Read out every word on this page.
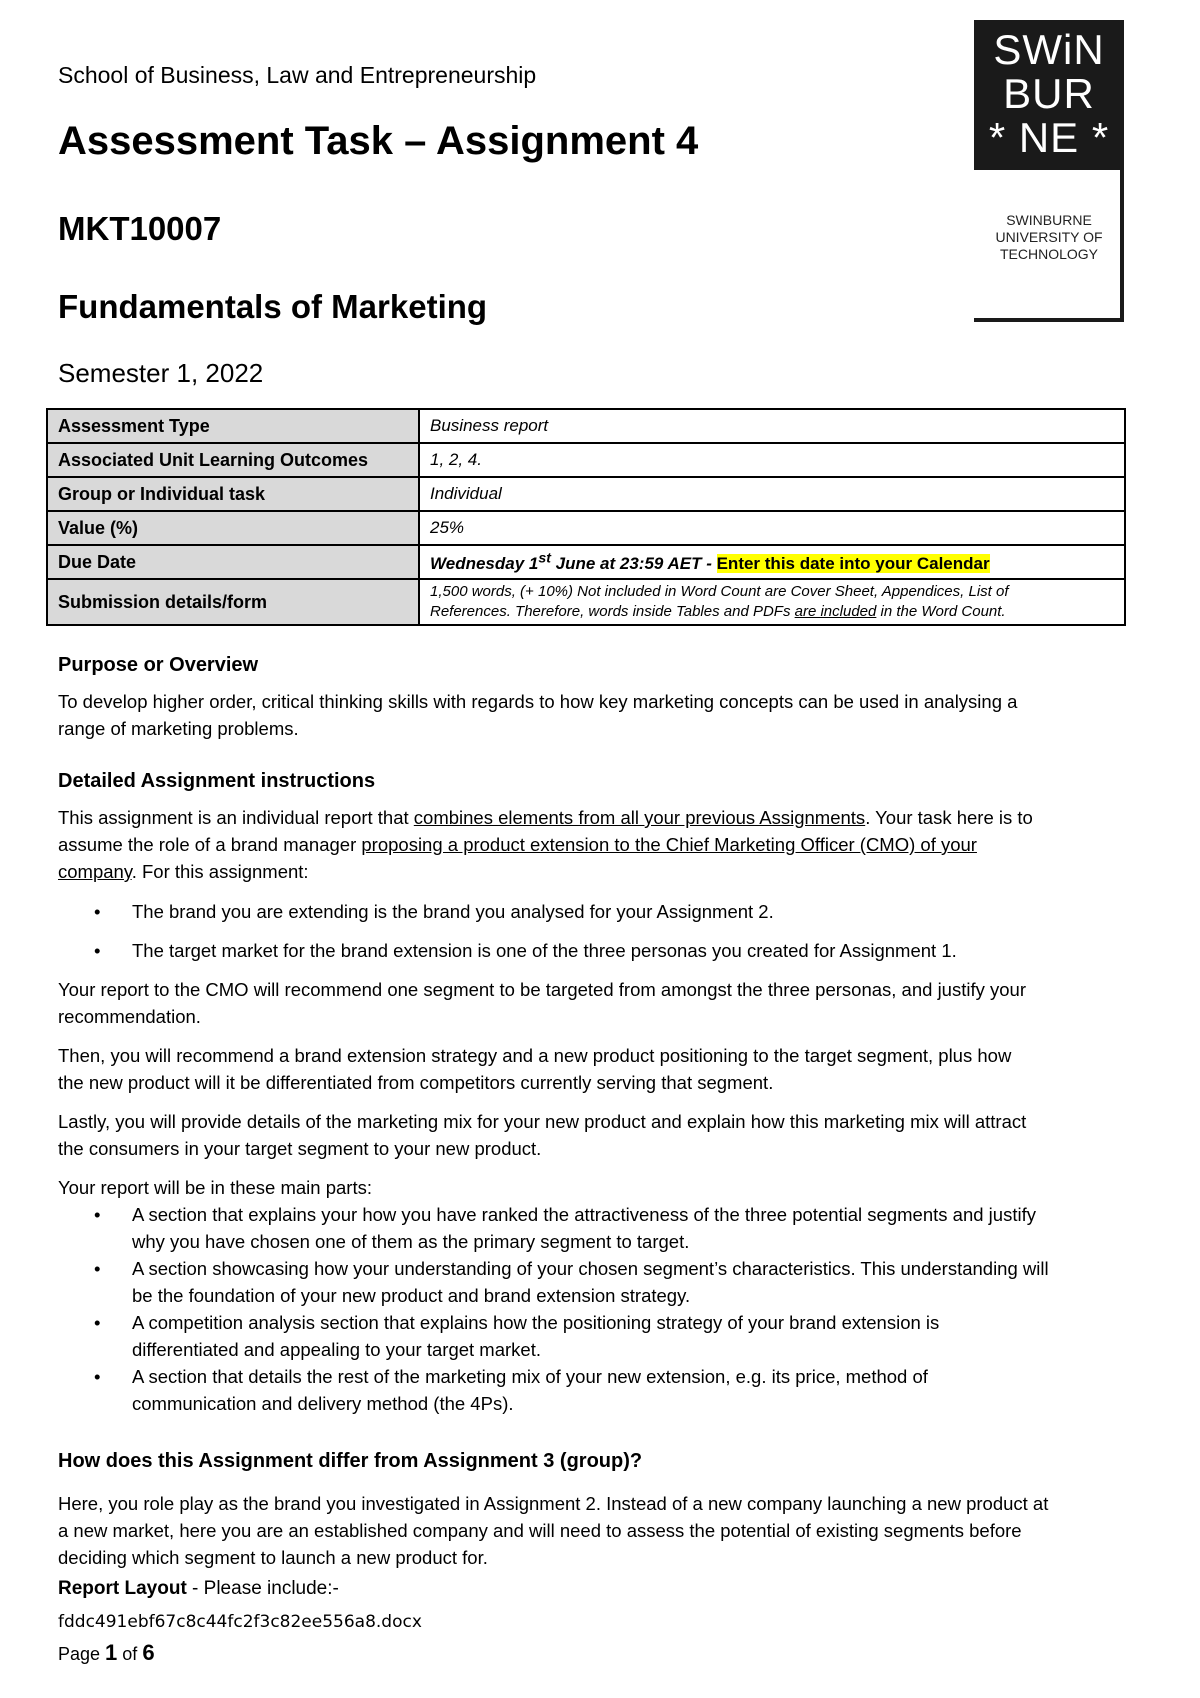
School of Business, Law and Entrepreneurship
Assessment Task – Assignment 4
MKT10007
Fundamentals of Marketing
Semester 1, 2022
SWiN
BUR
* NE *
SWINBURNE
UNIVERSITY OF
TECHNOLOGY
Assessment Type	Business report
Associated Unit Learning Outcomes	1, 2, 4.
Group or Individual task	Individual
Value (%)	25%
Due Date	Wednesday 1st June at 23:59 AET - Enter this date into your Calendar
Submission details/form	1,500 words, (+ 10%) Not included in Word Count are Cover Sheet, Appendices, List of
References. Therefore, words inside Tables and PDFs are included in the Word Count.
Purpose or Overview
To develop higher order, critical thinking skills with regards to how key marketing concepts can be used in analysing a
range of marketing problems.
Detailed Assignment instructions
This assignment is an individual report that combines elements from all your previous Assignments. Your task here is to
assume the role of a brand manager proposing a product extension to the Chief Marketing Officer (CMO) of your
company. For this assignment:
• The brand you are extending is the brand you analysed for your Assignment 2.
• The target market for the brand extension is one of the three personas you created for Assignment 1.
Your report to the CMO will recommend one segment to be targeted from amongst the three personas, and justify your
recommendation.
Then, you will recommend a brand extension strategy and a new product positioning to the target segment, plus how
the new product will it be differentiated from competitors currently serving that segment.
Lastly, you will provide details of the marketing mix for your new product and explain how this marketing mix will attract
the consumers in your target segment to your new product.
Your report will be in these main parts:
• A section that explains your how you have ranked the attractiveness of the three potential segments and justify
why you have chosen one of them as the primary segment to target.
• A section showcasing how your understanding of your chosen segment’s characteristics. This understanding will
be the foundation of your new product and brand extension strategy.
• A competition analysis section that explains how the positioning strategy of your brand extension is
differentiated and appealing to your target market.
• A section that details the rest of the marketing mix of your new extension, e.g. its price, method of
communication and delivery method (the 4Ps).
How does this Assignment differ from Assignment 3 (group)?
Here, you role play as the brand you investigated in Assignment 2. Instead of a new company launching a new product at
a new market, here you are an established company and will need to assess the potential of existing segments before
deciding which segment to launch a new product for.
Report Layout - Please include:-
fddc491ebf67c8c44fc2f3c82ee556a8.docx
Page 1 of 6
